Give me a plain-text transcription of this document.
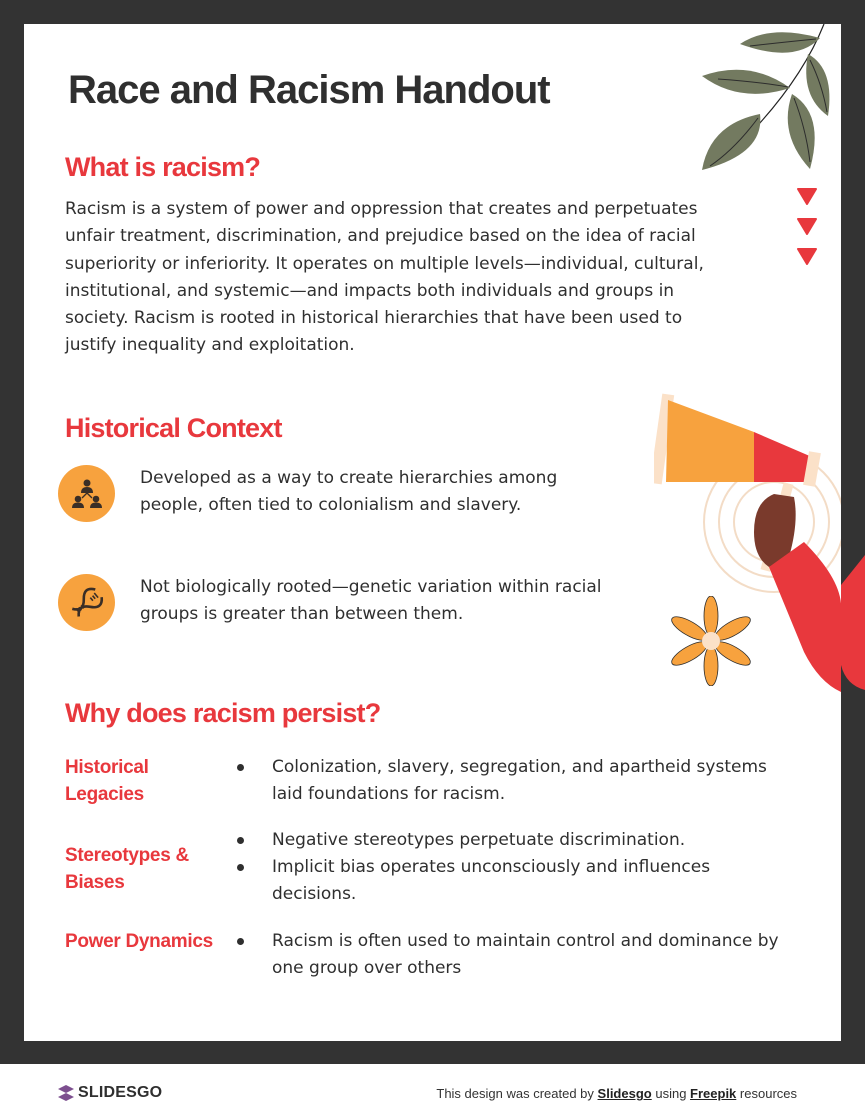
Race and Racism Handout
What is racism?
Racism is a system of power and oppression that creates and perpetuates unfair treatment, discrimination, and prejudice based on the idea of racial superiority or inferiority. It operates on multiple levels—individual, cultural, institutional, and systemic—and impacts both individuals and groups in society. Racism is rooted in historical hierarchies that have been used to justify inequality and exploitation.
Historical Context
Developed as a way to create hierarchies among people, often tied to colonialism and slavery.
Not biologically rooted—genetic variation within racial groups is greater than between them.
Why does racism persist?
Historical Legacies
Colonization, slavery, segregation, and apartheid systems laid foundations for racism.
Stereotypes & Biases
Negative stereotypes perpetuate discrimination.
Implicit bias operates unconsciously and influences decisions.
Power Dynamics	Racism is often used to maintain control and dominance by one group over others
SLIDESGO	This design was created by Slidesgo using Freepik resources
